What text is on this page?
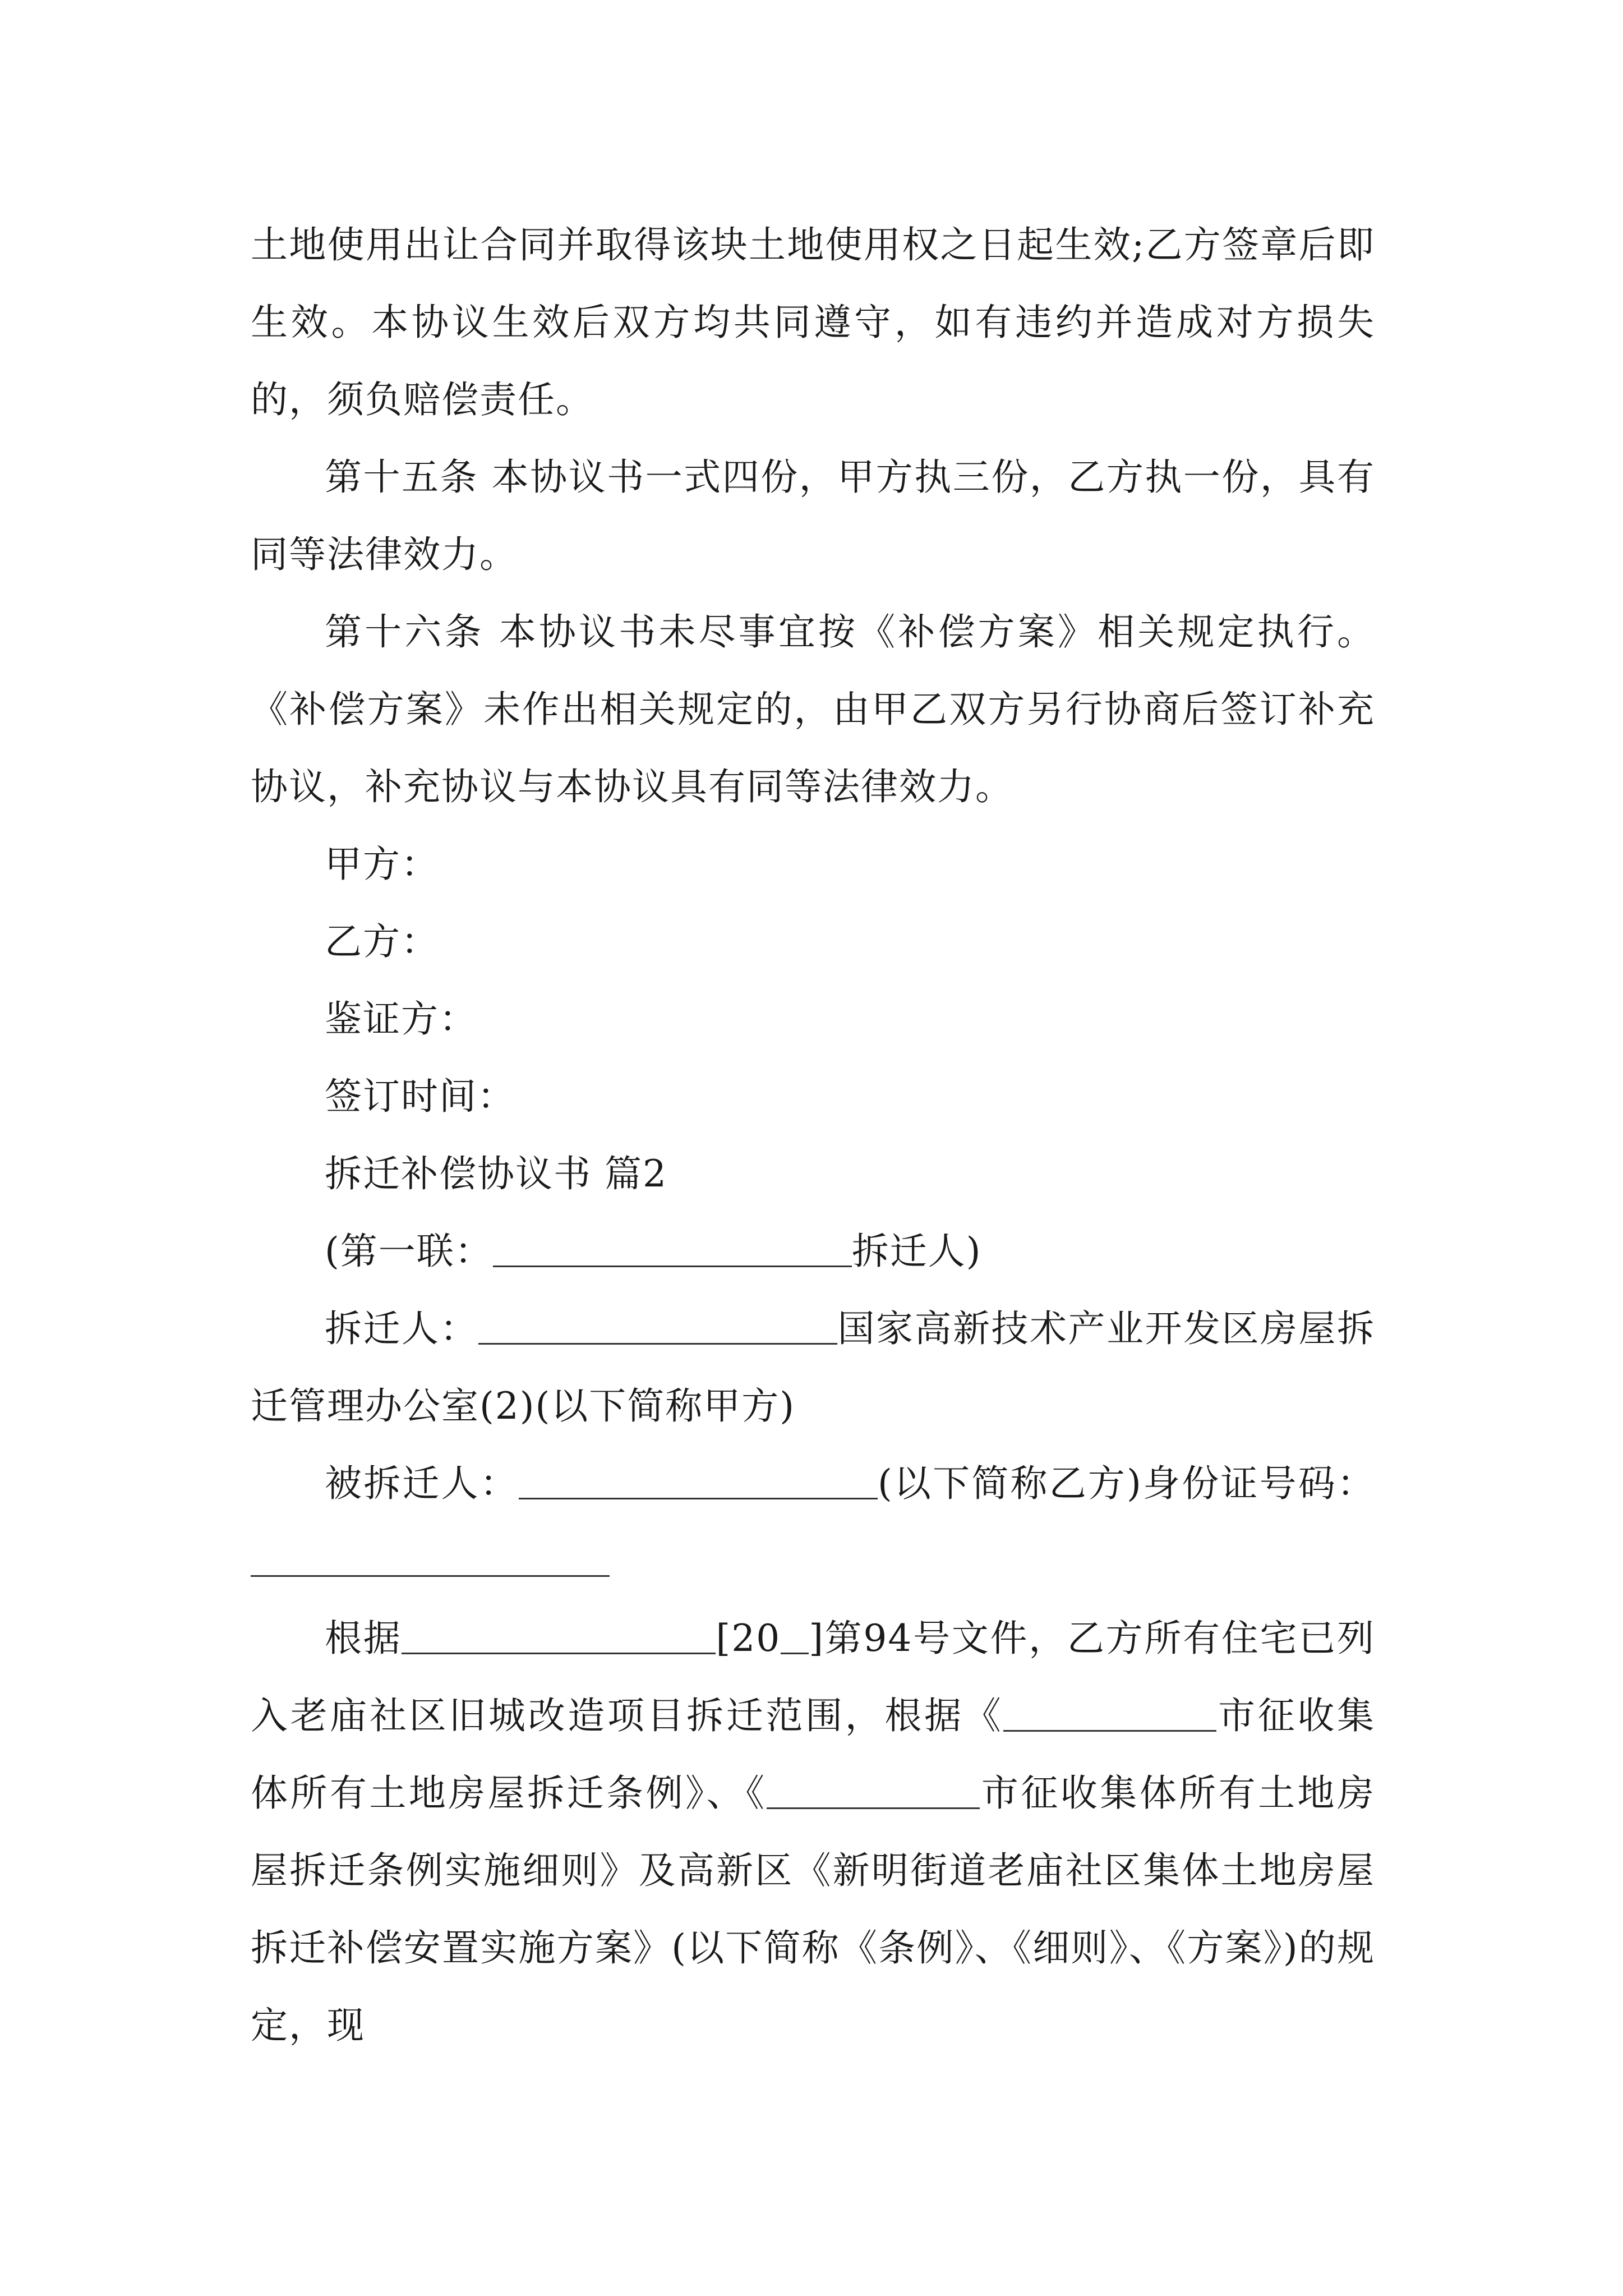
土地使用出让合同并取得该块土地使用权之日起生效;乙方签章后即生效。本协议生效后双方均共同遵守，如有违约并造成对方损失的，须负赔偿责任。

第十五条 本协议书一式四份，甲方执三份，乙方执一份，具有同等法律效力。

第十六条 本协议书未尽事宜按《补偿方案》相关规定执行。《补偿方案》未作出相关规定的，由甲乙双方另行协商后签订补充协议，补充协议与本协议具有同等法律效力。

甲方：

乙方：

鉴证方：

签订时间：

拆迁补偿协议书 篇2

(第一联：	拆迁人)

拆迁人：	国家高新技术产业开发区房屋拆迁管理办公室(2)(以下简称甲方)

被拆迁人：	(以下简称乙方)身份证号码：

根据	[20 ]第94号文件，乙方所有住宅已列入老庙社区旧城改造项目拆迁范围，根据《	市征收集体所有土地房屋拆迁条例》、《	市征收集体所有土地房屋拆迁条例实施细则》及高新区《新明街道老庙社区集体土地房屋拆迁补偿安置实施方案》(以下简称《条例》、《细则》、《方案》)的规定，现
